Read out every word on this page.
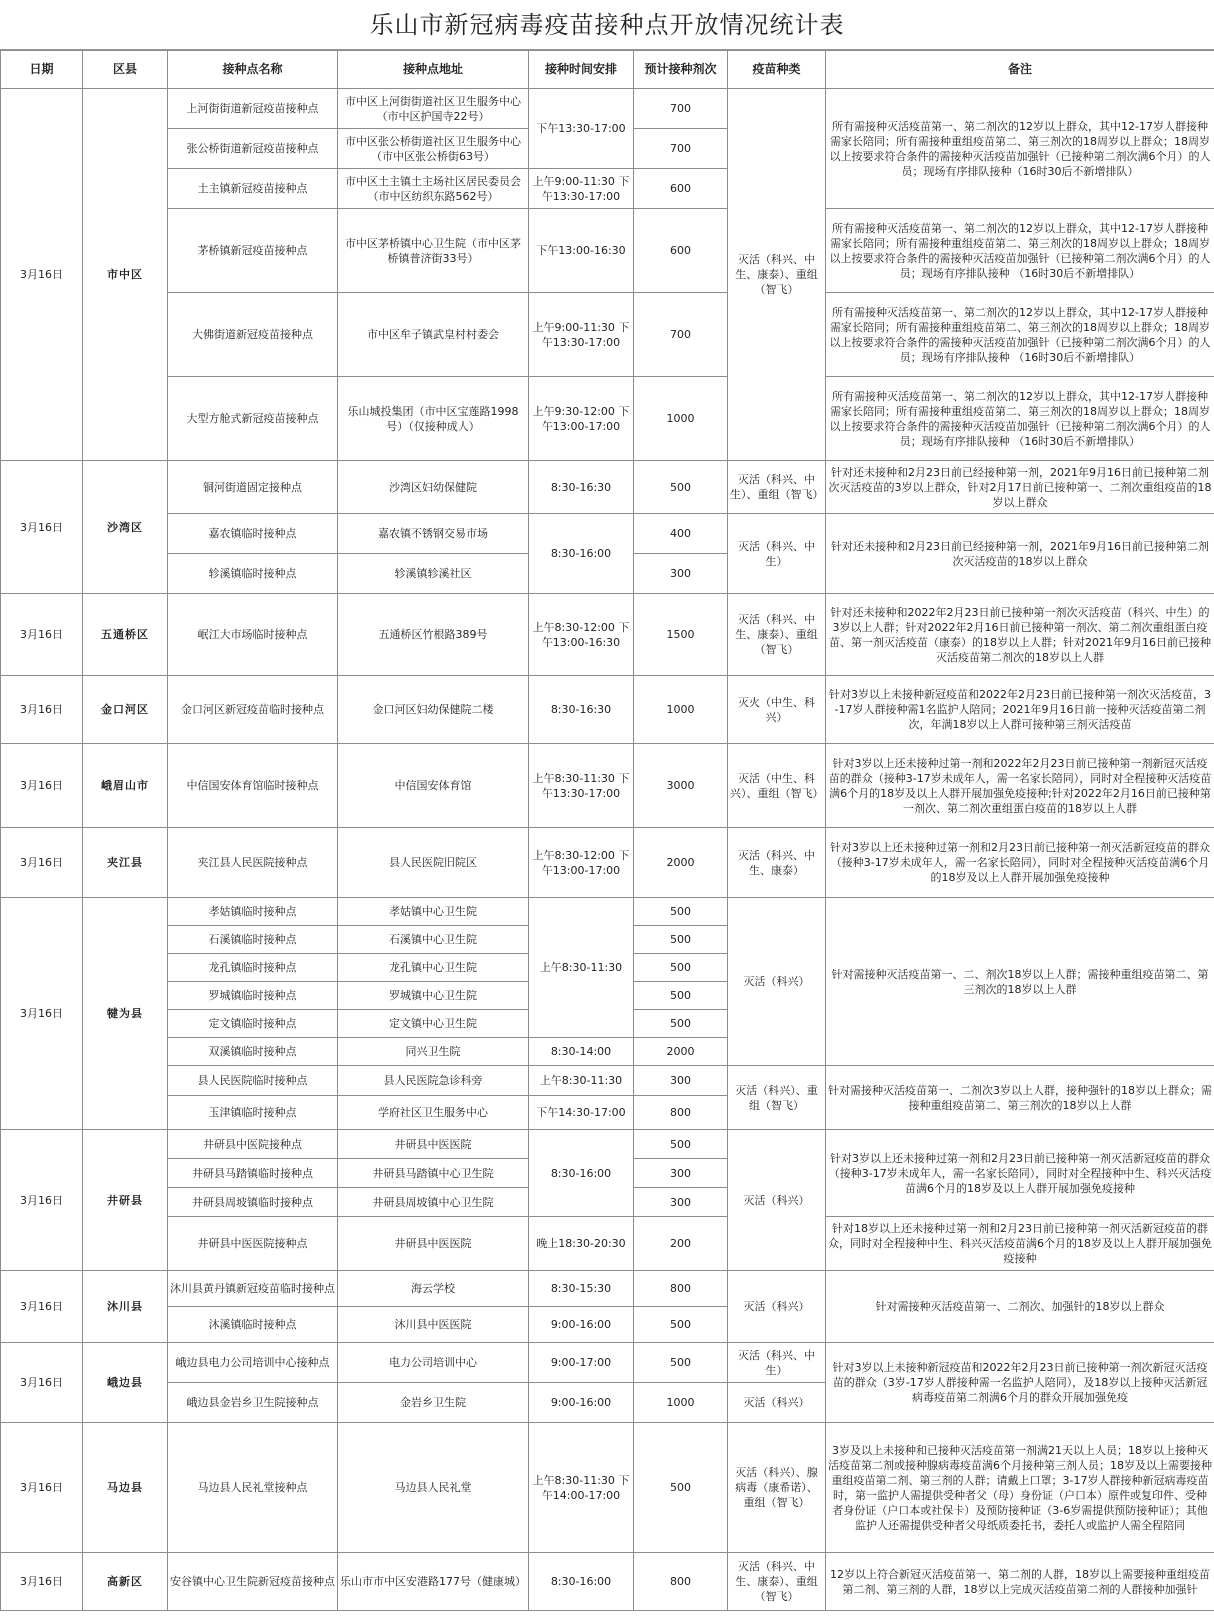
乐山市新冠病毒疫苗接种点开放情况统计表
日期	区县	接种点名称	接种点地址	接种时间安排	预计接种剂次	疫苗种类	备注
3月16日	市中区	上河街街道新冠疫苗接种点	市中区上河街街道社区卫生服务中心（市中区护国寺22号）	下午13:30-17:00	700	灭活（科兴、中生、康泰）、重组（智飞）	所有需接种灭活疫苗第一、第二剂次的12岁以上群众，其中12-17岁人群接种需家长陪同；所有需接种重组疫苗第二、第三剂次的18周岁以上群众；18周岁以上按要求符合条件的需接种灭活疫苗加强针（已接种第二剂次满6个月）的人员；现场有序排队接种（16时30后不新增排队）
		张公桥街道新冠疫苗接种点	市中区张公桥街道社区卫生服务中心（市中区张公桥街63号）		700		
		土主镇新冠疫苗接种点	市中区土主镇土主场社区居民委员会（市中区纺织东路562号）	上午9:00-11:30 下午13:30-17:00	600		
		茅桥镇新冠疫苗接种点	市中区茅桥镇中心卫生院（市中区茅桥镇普济街33号）	下午13:00-16:30	600		所有需接种灭活疫苗第一、第二剂次的12岁以上群众，其中12-17岁人群接种需家长陪同；所有需接种重组疫苗第二、第三剂次的18周岁以上群众；18周岁以上按要求符合条件的需接种灭活疫苗加强针（已接种第二剂次满6个月）的人员；现场有序排队接种 （16时30后不新增排队）
		大佛街道新冠疫苗接种点	市中区牟子镇武皇村村委会	上午9:00-11:30 下午13:30-17:00	700		所有需接种灭活疫苗第一、第二剂次的12岁以上群众，其中12-17岁人群接种需家长陪同；所有需接种重组疫苗第二、第三剂次的18周岁以上群众；18周岁以上按要求符合条件的需接种灭活疫苗加强针（已接种第二剂次满6个月）的人员；现场有序排队接种 （16时30后不新增排队）
		大型方舱式新冠疫苗接种点	乐山城投集团（市中区宝莲路1998号）（仅接种成人）	上午9:30-12:00 下午13:00-17:00	1000		所有需接种灭活疫苗第一、第二剂次的12岁以上群众，其中12-17岁人群接种需家长陪同；所有需接种重组疫苗第二、第三剂次的18周岁以上群众；18周岁以上按要求符合条件的需接种灭活疫苗加强针（已接种第二剂次满6个月）的人员；现场有序排队接种 （16时30后不新增排队）
3月16日	沙湾区	铜河街道固定接种点	沙湾区妇幼保健院	8:30-16:30	500	灭活（科兴、中生）、重组（智飞）	针对还未接种和2月23日前已经接种第一剂，2021年9月16日前已接种第二剂次灭活疫苗的3岁以上群众，针对2月17日前已接种第一、二剂次重组疫苗的18岁以上群众
		嘉农镇临时接种点	嘉农镇不锈钢交易市场	8:30-16:00	400	灭活（科兴、中生）	针对还未接种和2月23日前已经接种第一剂，2021年9月16日前已接种第二剂次灭活疫苗的18岁以上群众
		轸溪镇临时接种点	轸溪镇轸溪社区		300		
3月16日	五通桥区	岷江大市场临时接种点	五通桥区竹根路389号	上午8:30-12:00 下午13:00-16:30	1500	灭活（科兴、中生、康泰）、重组（智飞）	针对还未接种和2022年2月23日前已接种第一剂次灭活疫苗（科兴、中生）的3岁以上人群；针对2022年2月16日前已接种第一剂次、第二剂次重组蛋白疫苗、第一剂灭活疫苗（康泰）的18岁以上人群；针对2021年9月16日前已接种灭活疫苗第二剂次的18岁以上人群
3月16日	金口河区	金口河区新冠疫苗临时接种点	金口河区妇幼保健院二楼	8:30-16:30	1000	灭火（中生、科兴）	针对3岁以上未接种新冠疫苗和2022年2月23日前已接种第一剂次灭活疫苗，3-17岁人群接种需1名监护人陪同；2021年9月16日前一接种灭活疫苗第二剂次，年满18岁以上人群可接种第三剂灭活疫苗
3月16日	峨眉山市	中信国安体育馆临时接种点	中信国安体育馆	上午8:30-11:30 下午13:30-17:00	3000	灭活（中生、科兴）、重组（智飞）	针对3岁以上还未接种过第一剂和2022年2月23日前已接种第一剂新冠灭活疫苗的群众（接种3-17岁未成年人，需一名家长陪同），同时对全程接种灭活疫苗满6个月的18岁及以上人群开展加强免疫接种;针对2022年2月16日前已接种第一剂次、第二剂次重组蛋白疫苗的18岁以上人群
3月16日	夹江县	夹江县人民医院接种点	县人民医院旧院区	上午8:30-12:00 下午13:00-17:00	2000	灭活（科兴、中生、康泰）	针对3岁以上还未接种过第一剂和2月23日前已接种第一剂灭活新冠疫苗的群众（接种3-17岁未成年人，需一名家长陪同），同时对全程接种灭活疫苗满6个月的18岁及以上人群开展加强免疫接种
3月16日	犍为县	孝姑镇临时接种点	孝姑镇中心卫生院	上午8:30-11:30	500	灭活（科兴）	针对需接种灭活疫苗第一、二、剂次18岁以上人群；需接种重组疫苗第二、第三剂次的18岁以上人群
		石溪镇临时接种点	石溪镇中心卫生院		500		
		龙孔镇临时接种点	龙孔镇中心卫生院		500		
		罗城镇临时接种点	罗城镇中心卫生院		500		
		定文镇临时接种点	定文镇中心卫生院		500		
		双溪镇临时接种点	同兴卫生院	8:30-14:00	2000		
		县人民医院临时接种点	县人民医院急诊科旁	上午8:30-11:30	300	灭活（科兴）、重组（智飞）	针对需接种灭活疫苗第一、二剂次3岁以上人群，接种强针的18岁以上群众；需接种重组疫苗第二、第三剂次的18岁以上人群
		玉津镇临时接种点	学府社区卫生服务中心	下午14:30-17:00	800		
3月16日	井研县	井研县中医院接种点	井研县中医医院	8:30-16:00	500	灭活（科兴）	针对3岁以上还未接种过第一剂和2月23日前已接种第一剂灭活新冠疫苗的群众（接种3-17岁未成年人，需一名家长陪同），同时对全程接种中生、科兴灭活疫苗满6个月的18岁及以上人群开展加强免疫接种
		井研县马踏镇临时接种点	井研县马踏镇中心卫生院		300		
		井研县周坡镇临时接种点	井研县周坡镇中心卫生院		300		
		井研县中医医院接种点	井研县中医医院	晚上18:30-20:30	200		针对18岁以上还未接种过第一剂和2月23日前已接种第一剂灭活新冠疫苗的群众，同时对全程接种中生、科兴灭活疫苗满6个月的18岁及以上人群开展加强免疫接种
3月16日	沐川县	沐川县黄丹镇新冠疫苗临时接种点	海云学校	8:30-15:30	800	灭活（科兴）	针对需接种灭活疫苗第一、二剂次、加强针的18岁以上群众
		沐溪镇临时接种点	沐川县中医医院	9:00-16:00	500		
3月16日	峨边县	峨边县电力公司培训中心接种点	电力公司培训中心	9:00-17:00	500	灭活（科兴、中生）	针对3岁以上未接种新冠疫苗和2022年2月23日前已接种第一剂次新冠灭活疫苗的群众（3岁-17岁人群接种需一名监护人陪同），及18岁以上接种灭活新冠病毒疫苗第二剂满6个月的群众开展加强免疫
		峨边县金岩乡卫生院接种点	金岩乡卫生院	9:00-16:00	1000	灭活（科兴）	
3月16日	马边县	马边县人民礼堂接种点	马边县人民礼堂	上午8:30-11:30 下午14:00-17:00	500	灭活（科兴）、腺病毒（康希诺）、重组（智飞）	3岁及以上未接种和已接种灭活疫苗第一剂满21天以上人员；18岁以上接种灭活疫苗第二剂或接种腺病毒疫苗满6个月接种第三剂人员；18岁及以上需要接种重组疫苗第二剂、第三剂的人群；请戴上口罩；3-17岁人群接种新冠病毒疫苗时，第一监护人需提供受种者父（母）身份证（户口本）原件或复印件、受种者身份证（户口本或社保卡）及预防接种证（3-6岁需提供预防接种证）；其他监护人还需提供受种者父母纸质委托书，委托人或监护人需全程陪同
3月16日	高新区	安谷镇中心卫生院新冠疫苗接种点	乐山市市中区安港路177号（健康城）	8:30-16:00	800	灭活（科兴、中生、康泰）、重组（智飞）	12岁以上符合新冠灭活疫苗第一、第二剂的人群，18岁以上需要接种重组疫苗第二剂、第三剂的人群，18岁以上完成灭活疫苗第二剂的人群接种加强针
